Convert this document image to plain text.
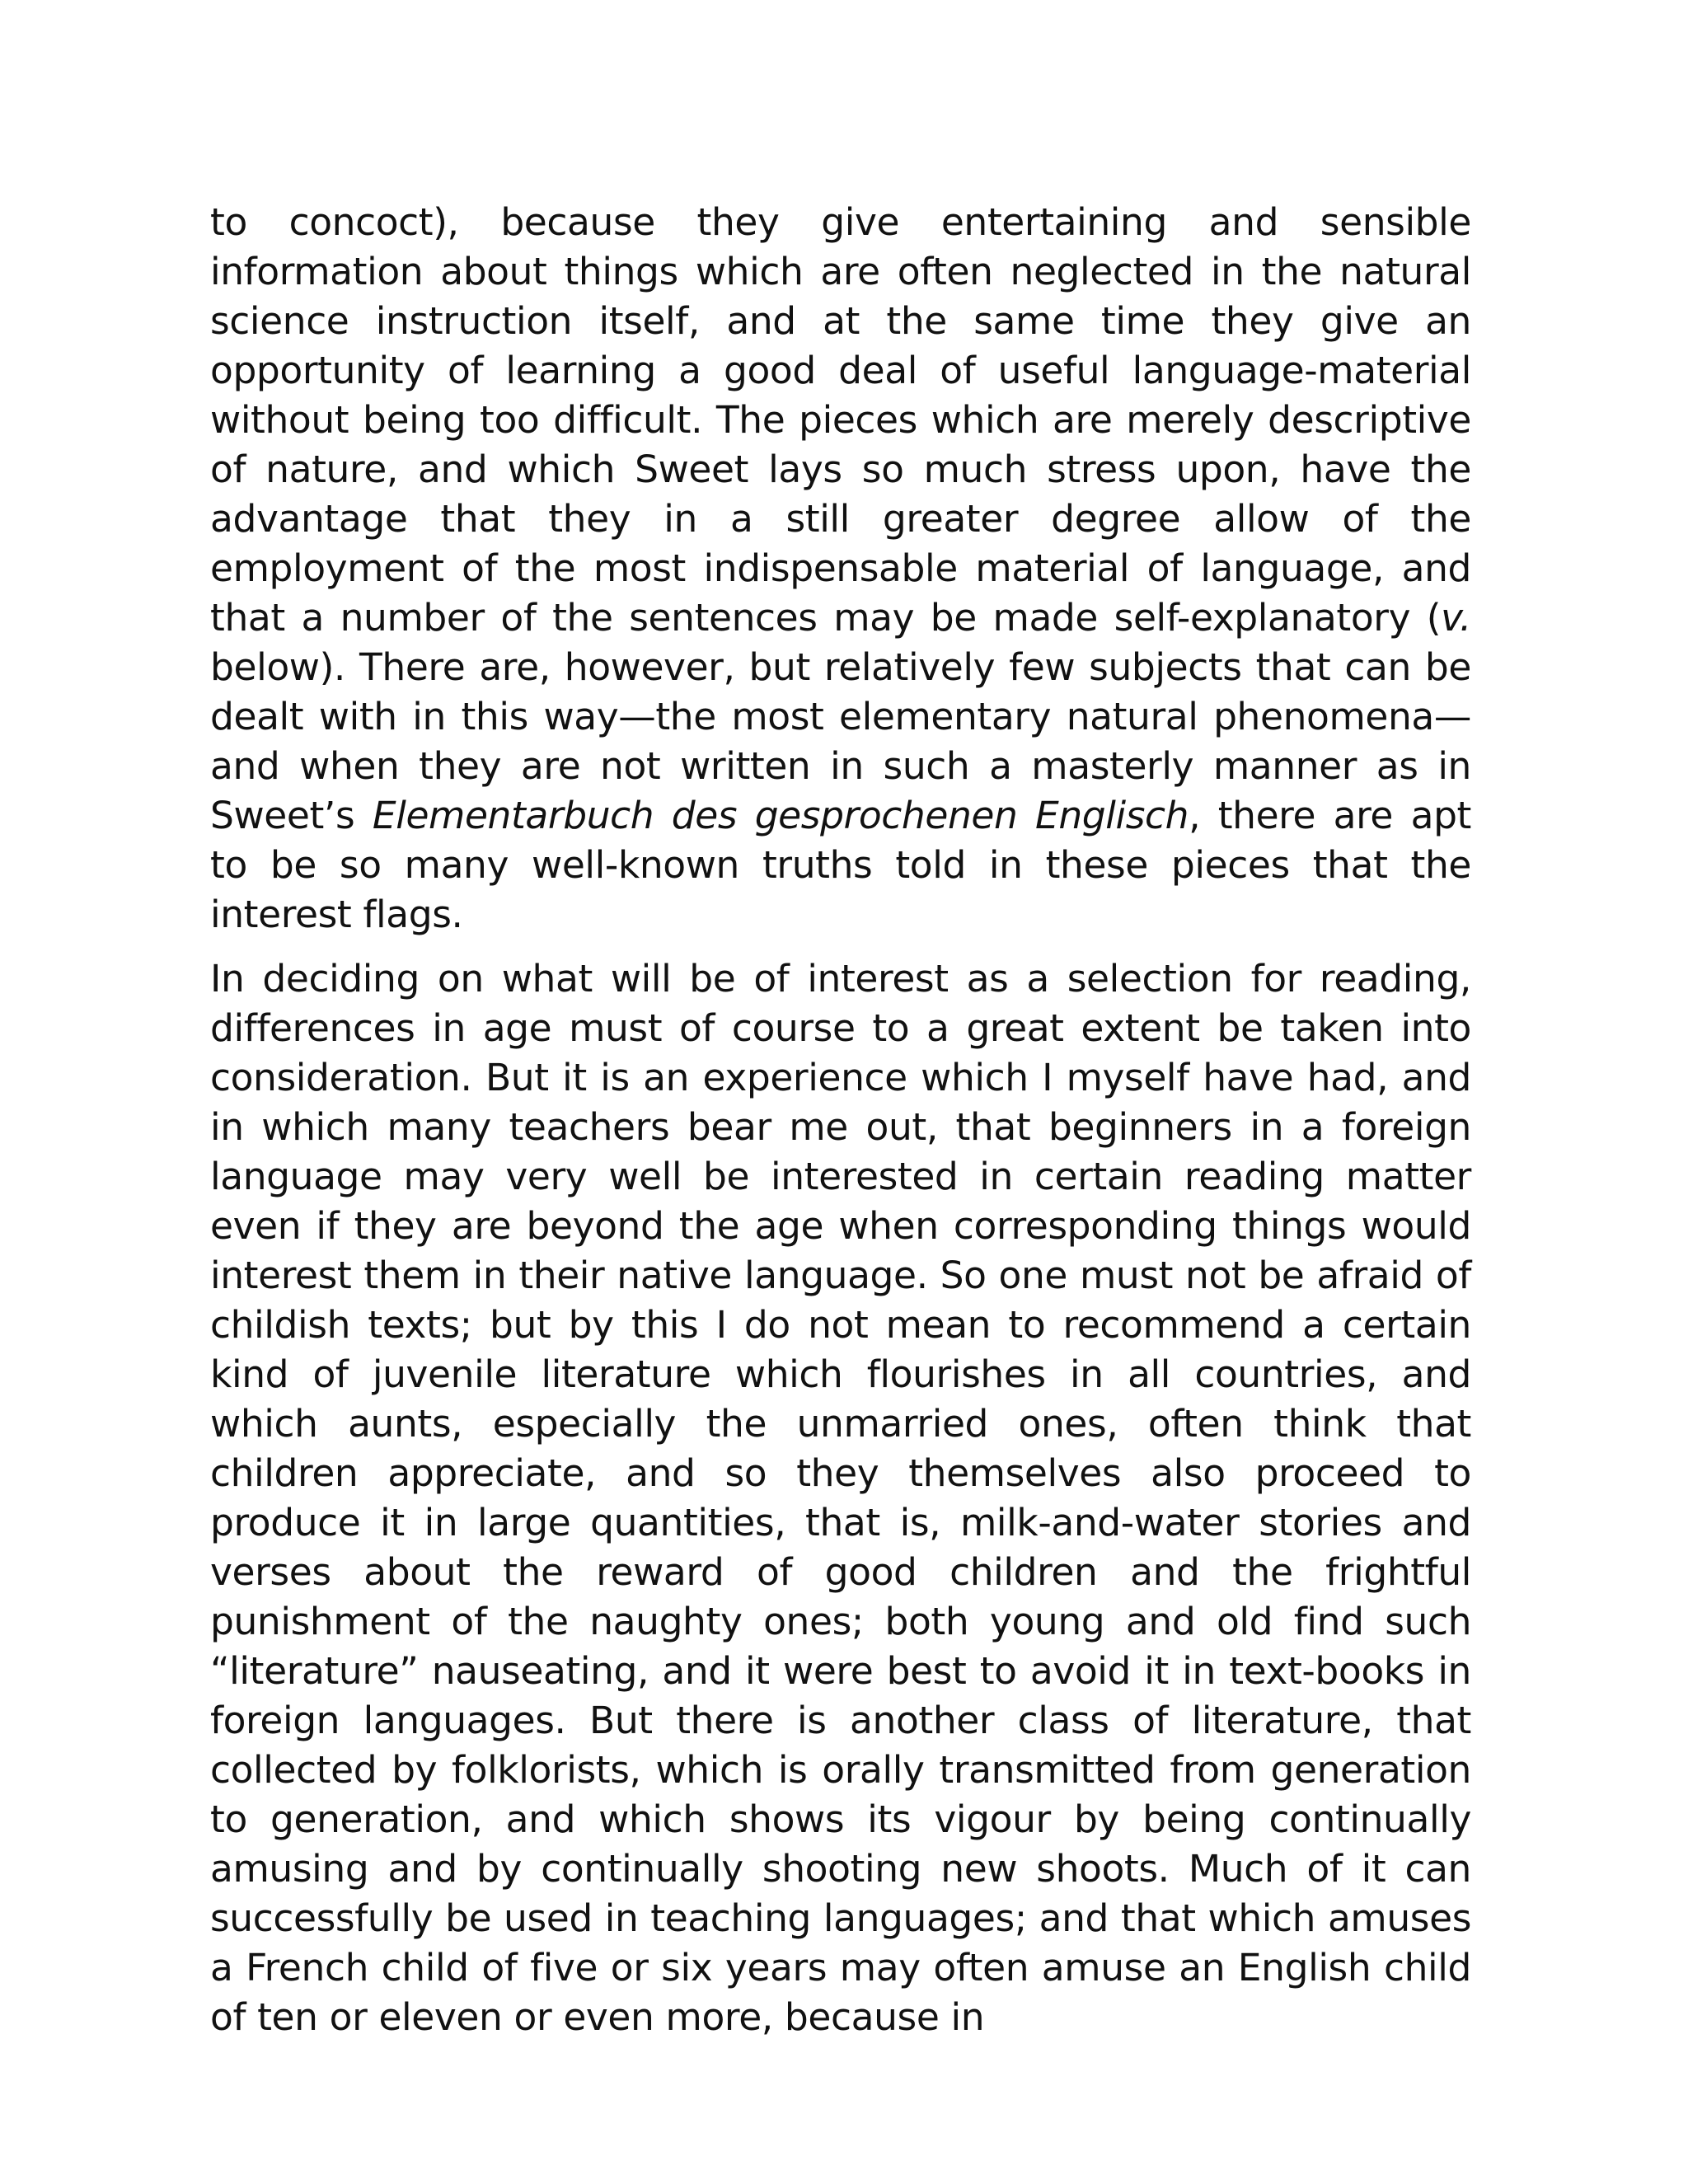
to concoct), because they give entertaining and sensible information about things which are often neglected in the natural science instruction itself, and at the same time they give an opportunity of learning a good deal of useful language-material without being too difficult. The pieces which are merely descriptive of nature, and which Sweet lays so much stress upon, have the advantage that they in a still greater degree allow of the employment of the most indispensable material of language, and that a number of the sentences may be made self-explanatory (v. below). There are, however, but relatively few subjects that can be dealt with in this way—the most elementary natural phenomena—and when they are not written in such a masterly manner as in Sweet’s Elementarbuch des gesprochenen Englisch, there are apt to be so many well-known truths told in these pieces that the interest flags.

In deciding on what will be of interest as a selection for reading, differences in age must of course to a great extent be taken into consideration. But it is an experience which I myself have had, and in which many teachers bear me out, that beginners in a foreign language may very well be interested in certain reading matter even if they are beyond the age when corresponding things would interest them in their native language. So one must not be afraid of childish texts; but by this I do not mean to recommend a certain kind of juvenile literature which flourishes in all countries, and which aunts, especially the unmarried ones, often think that children appreciate, and so they themselves also proceed to produce it in large quantities, that is, milk-and-water stories and verses about the reward of good children and the frightful punishment of the naughty ones; both young and old find such “literature” nauseating, and it were best to avoid it in text-books in foreign languages. But there is another class of literature, that collected by folklorists, which is orally transmitted from generation to generation, and which shows its vigour by being continually amusing and by continually shooting new shoots. Much of it can successfully be used in teaching languages; and that which amuses a French child of five or six years may often amuse an English child of ten or eleven or even more, because in
